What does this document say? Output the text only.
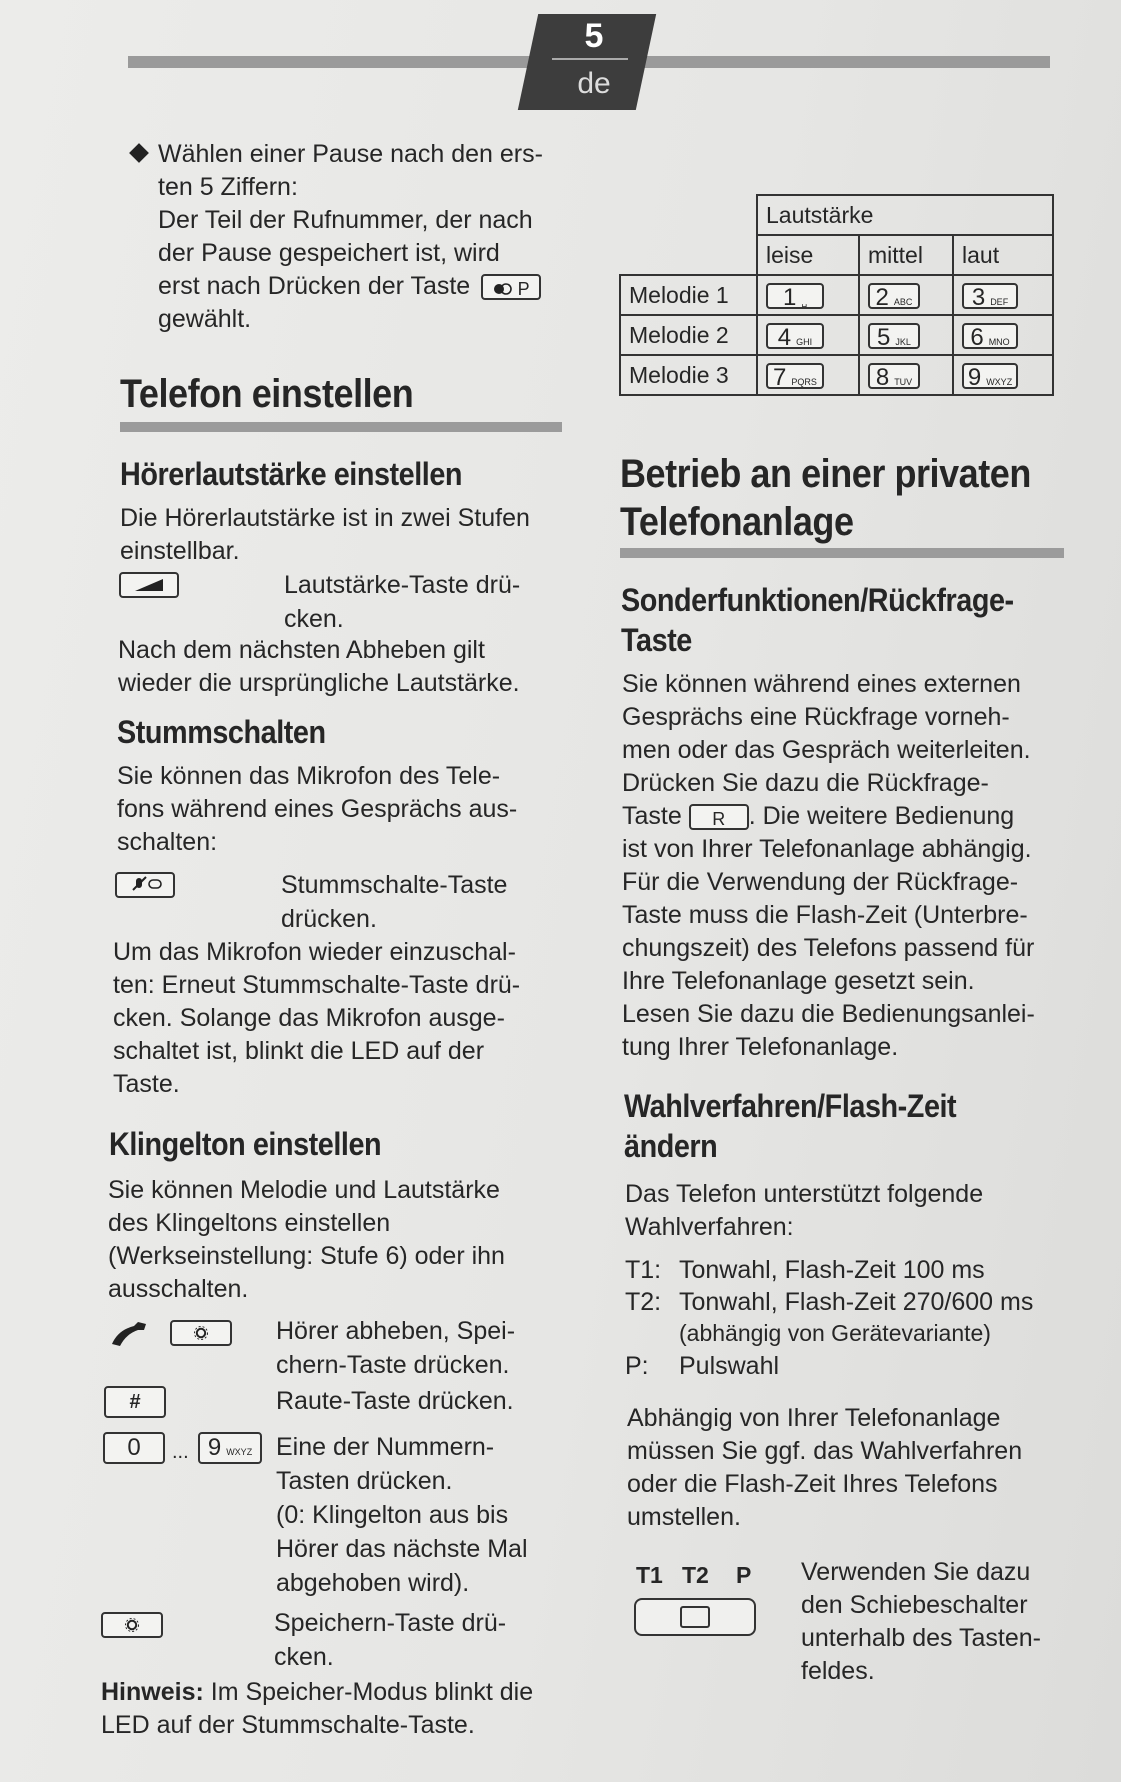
5
de
Wählen einer Pause nach den ers-
ten 5 Ziffern:
Der Teil der Rufnummer, der nach
der Pause gespeichert ist, wird
erst nach Drücken der Taste	P
gewählt.
Telefon einstellen
Hörerlautstärke einstellen
Die Hörerlautstärke ist in zwei Stufen
einstellbar.
Lautstärke-Taste drü-
cken.
Nach dem nächsten Abheben gilt
wieder die ursprüngliche Lautstärke.
Stummschalten
Sie können das Mikrofon des Tele-
fons während eines Gesprächs aus-
schalten:
Stummschalte-Taste
drücken.
Um das Mikrofon wieder einzuschal-
ten: Erneut Stummschalte-Taste drü-
cken. Solange das Mikrofon ausge-
schaltet ist, blinkt die LED auf der
Taste.
Klingelton einstellen
Sie können Melodie und Lautstärke
des Klingeltons einstellen
(Werkseinstellung: Stufe 6) oder ihn
ausschalten.
Hörer abheben, Spei-
chern-Taste drücken.
#	Raute-Taste drücken.
0	... 9 WXYZ Eine der Nummern-
Tasten drücken.
(0: Klingelton aus bis
Hörer das nächste Mal
abgehoben wird).
Speichern-Taste drü-
cken.
Hinweis: Im Speicher-Modus blinkt die
LED auf der Stummschalte-Taste.
	Lautstärke		
	leise	mittel	laut
Melodie 1	1 ␣	2 ABC	3 DEF
Melodie 2	4 GHI	5 JKL	6 MNO
Melodie 3	7 PQRS	8 TUV	9 WXYZ
Betrieb an einer privaten
Telefonanlage
Sonderfunktionen/Rückfrage-
Taste
Sie können während eines externen
Gesprächs eine Rückfrage vorneh-
men oder das Gespräch weiterleiten.
Drücken Sie dazu die Rückfrage-
Taste R . Die weitere Bedienung
ist von Ihrer Telefonanlage abhängig.
Für die Verwendung der Rückfrage-
Taste muss die Flash-Zeit (Unterbre-
chungszeit) des Telefons passend für
Ihre Telefonanlage gesetzt sein.
Lesen Sie dazu die Bedienungsanlei-
tung Ihrer Telefonanlage.
Wahlverfahren/Flash-Zeit
ändern
Das Telefon unterstützt folgende
Wahlverfahren:
T1: Tonwahl, Flash-Zeit 100 ms
T2: Tonwahl, Flash-Zeit 270/600 ms
(abhängig von Gerätevariante)
P: Pulswahl
Abhängig von Ihrer Telefonanlage
müssen Sie ggf. das Wahlverfahren
oder die Flash-Zeit Ihres Telefons
umstellen.
T1 T2 P Verwenden Sie dazu
den Schiebeschalter
unterhalb des Tasten-
feldes.
